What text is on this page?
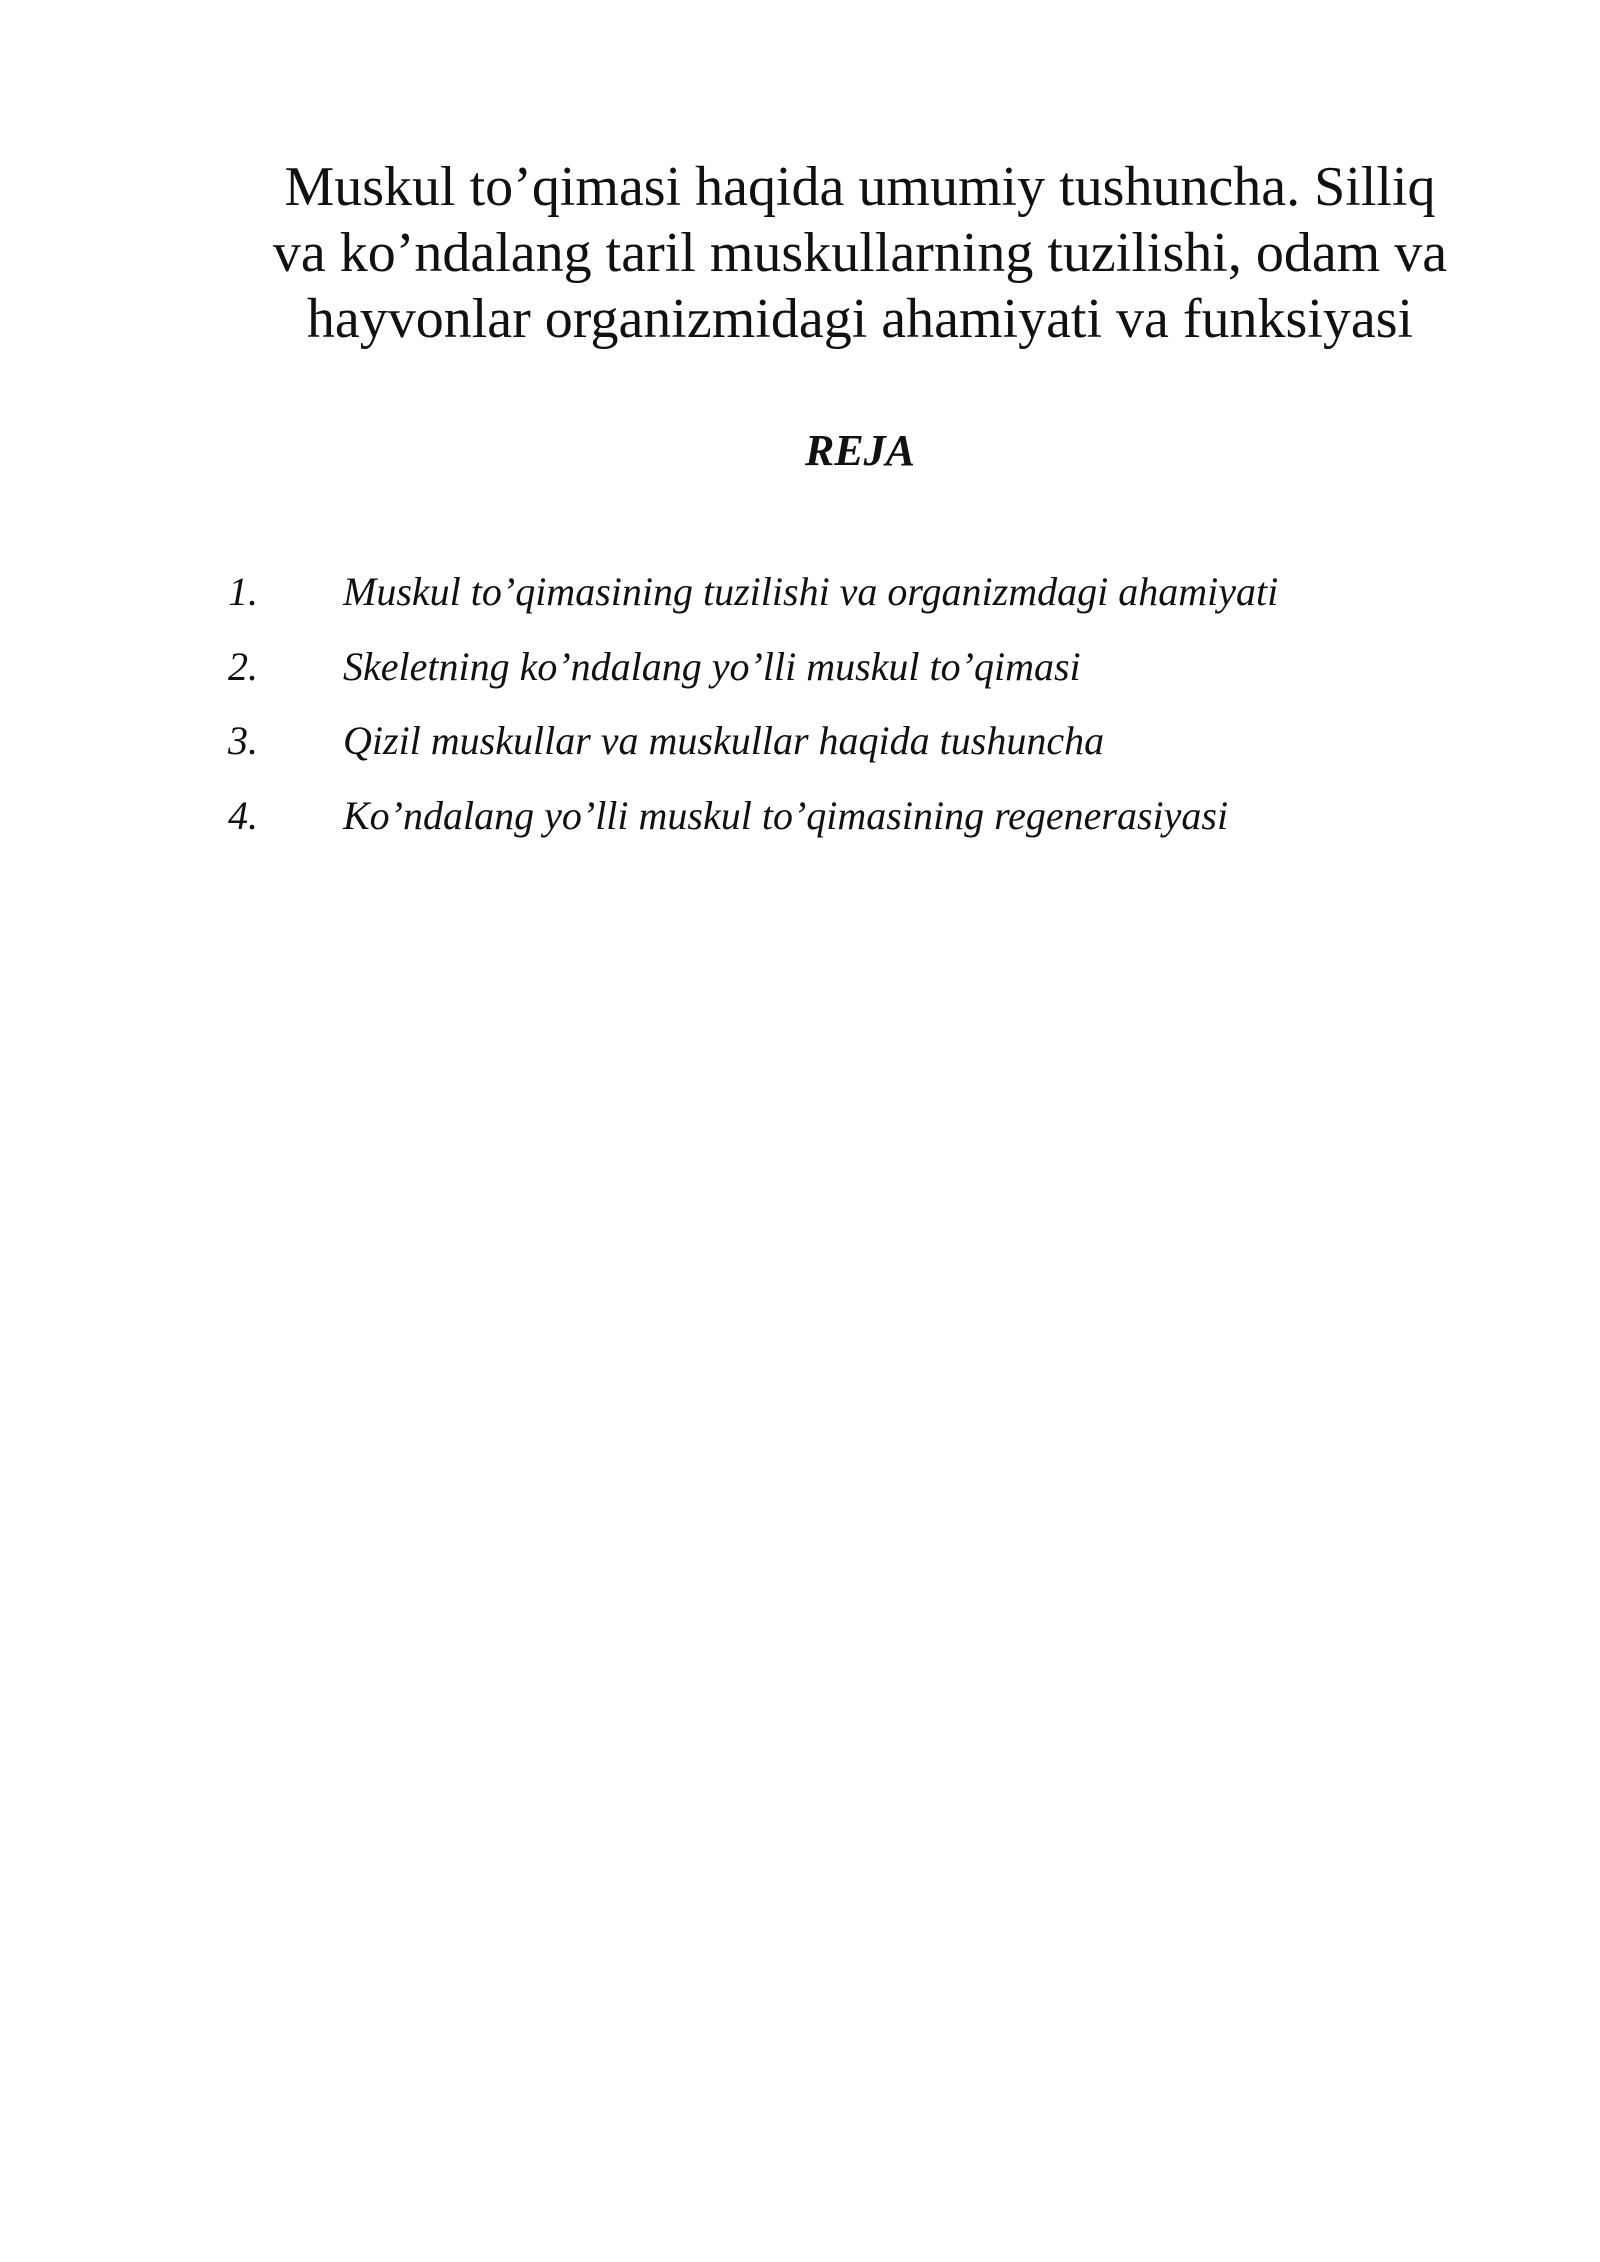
Muskul to’qimasi haqida umumiy tushuncha. Silliq
va ko’ndalang taril muskullarning tuzilishi, odam va
hayvonlar organizmidagi ahamiyati va funksiyasi
REJA
1. Muskul to’qimasining tuzilishi va organizmdagi ahamiyati
2. Skeletning ko’ndalang yo’lli muskul to’qimasi
3. Qizil muskullar va muskullar haqida tushuncha
4. Ko’ndalang yo’lli muskul to’qimasining regenerasiyasi
